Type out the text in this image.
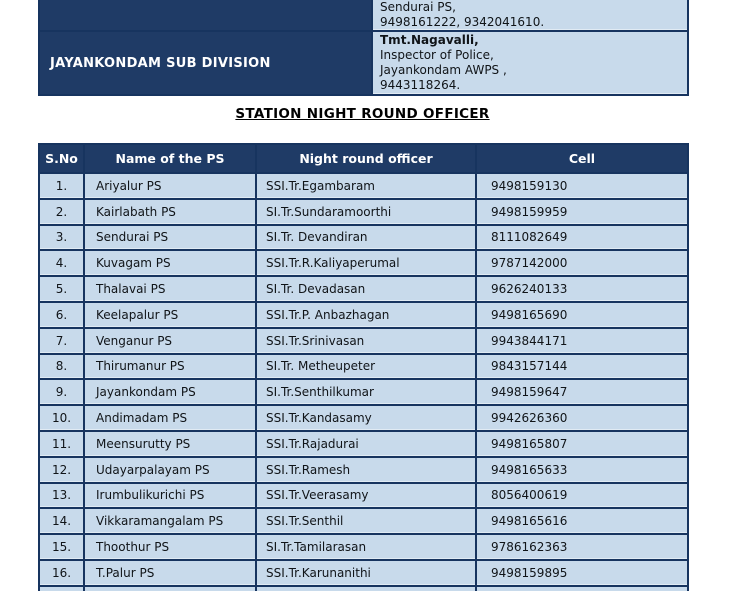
	Sendurai PS,
9498161222, 9342041610.

JAYANKONDAM SUB DIVISION	Tmt.Nagavalli,
Inspector of Police,
Jayankondam AWPS ,
9443118264.
STATION NIGHT ROUND OFFICER
S.No	Name of the PS	Night round officer	Cell
1.	Ariyalur PS	SSI.Tr.Egambaram	9498159130
2.	Kairlabath PS	SI.Tr.Sundaramoorthi	9498159959
3.	Sendurai PS	SI.Tr. Devandiran	8111082649
4.	Kuvagam PS	SSI.Tr.R.Kaliyaperumal	9787142000
5.	Thalavai PS	SI.Tr. Devadasan	9626240133
6.	Keelapalur PS	SSI.Tr.P. Anbazhagan	9498165690
7.	Venganur PS	SSI.Tr.Srinivasan	9943844171
8.	Thirumanur PS	SI.Tr. Metheupeter	9843157144
9.	Jayankondam PS	SI.Tr.Senthilkumar	9498159647
10.	Andimadam PS	SSI.Tr.Kandasamy	9942626360
11.	Meensurutty PS	SSI.Tr.Rajadurai	9498165807
12.	Udayarpalayam PS	SSI.Tr.Ramesh	9498165633
13.	Irumbulikurichi PS	SSI.Tr.Veerasamy	8056400619
14.	Vikkaramangalam PS	SSI.Tr.Senthil	9498165616
15.	Thoothur PS	SI.Tr.Tamilarasan	9786162363
16.	T.Palur PS	SSI.Tr.Karunanithi	9498159895
